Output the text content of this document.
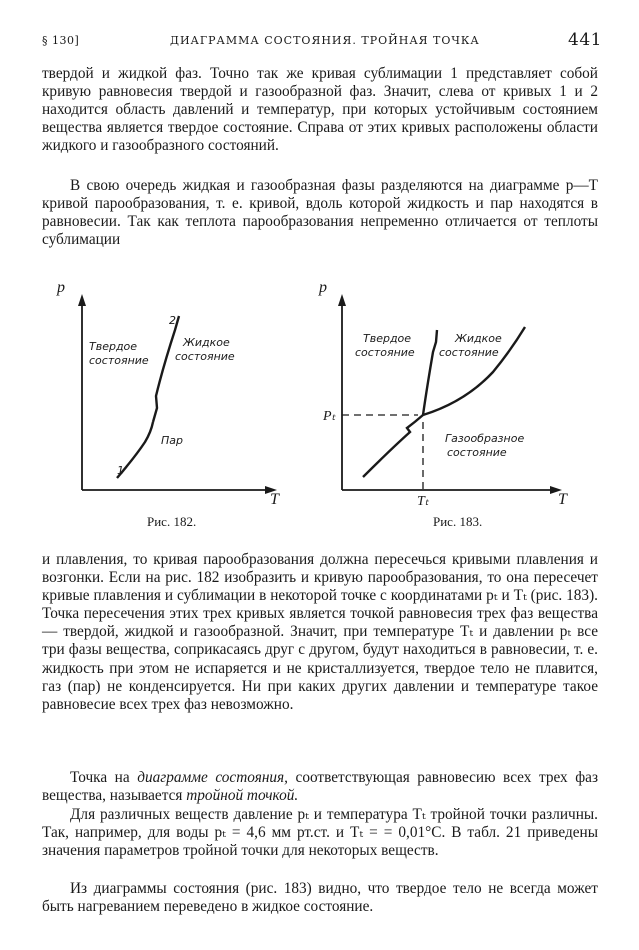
§ 130]	ДИАГРАММА СОСТОЯНИЯ. ТРОЙНАЯ ТОЧКА	441

твердой и жидкой фаз. Точно так же кривая сублимации 1 представляет собой кривую равновесия твердой и газообразной фаз. Значит, слева от кривых 1 и 2 находится область давлений и температур, при которых устойчивым состоянием вещества является твердое состояние. Справа от этих кривых расположены области жидкого и газообразного состояний.

В свою очередь жидкая и газообразная фазы разделяются на диаграмме p—T кривой парообразования, т. е. кривой, вдоль которой жидкость и пар находятся в равновесии. Так как теплота парообразования непременно отличается от теплоты сублимации

p
T
Твердое
состояние
Жидкое
состояние
Пар
1
2
Рис. 182.
p
T
Pₜ
Tₜ
Твердое
состояние
Жидкое
состояние
Газообразное
состояние
Рис. 183.

и плавления, то кривая парообразования должна пересечься кривыми плавления и возгонки. Если на рис. 182 изобразить и кривую парообразования, то она пересечет кривые плавления и сублимации в некоторой точке с координатами pₜ и Tₜ (рис. 183). Точка пересечения этих трех кривых является точкой равновесия трех фаз вещества — твердой, жидкой и газообразной. Значит, при температуре Tₜ и давлении pₜ все три фазы вещества, соприкасаясь друг с другом, будут находиться в равновесии, т. е. жидкость при этом не испаряется и не кристаллизуется, твердое тело не плавится, газ (пар) не конденсируется. Ни при каких других давлении и температуре такое равновесие всех трех фаз невозможно.

Точка на диаграмме состояния, соответствующая равновесию всех трех фаз вещества, называется тройной точкой.

Для различных веществ давление pₜ и температура Tₜ тройной точки различны. Так, например, для воды pₜ = 4,6 мм рт.ст. и Tₜ = = 0,01°C. В табл. 21 приведены значения параметров тройной точки для некоторых веществ.

Из диаграммы состояния (рис. 183) видно, что твердое тело не всегда может быть нагреванием переведено в жидкое состояние.
